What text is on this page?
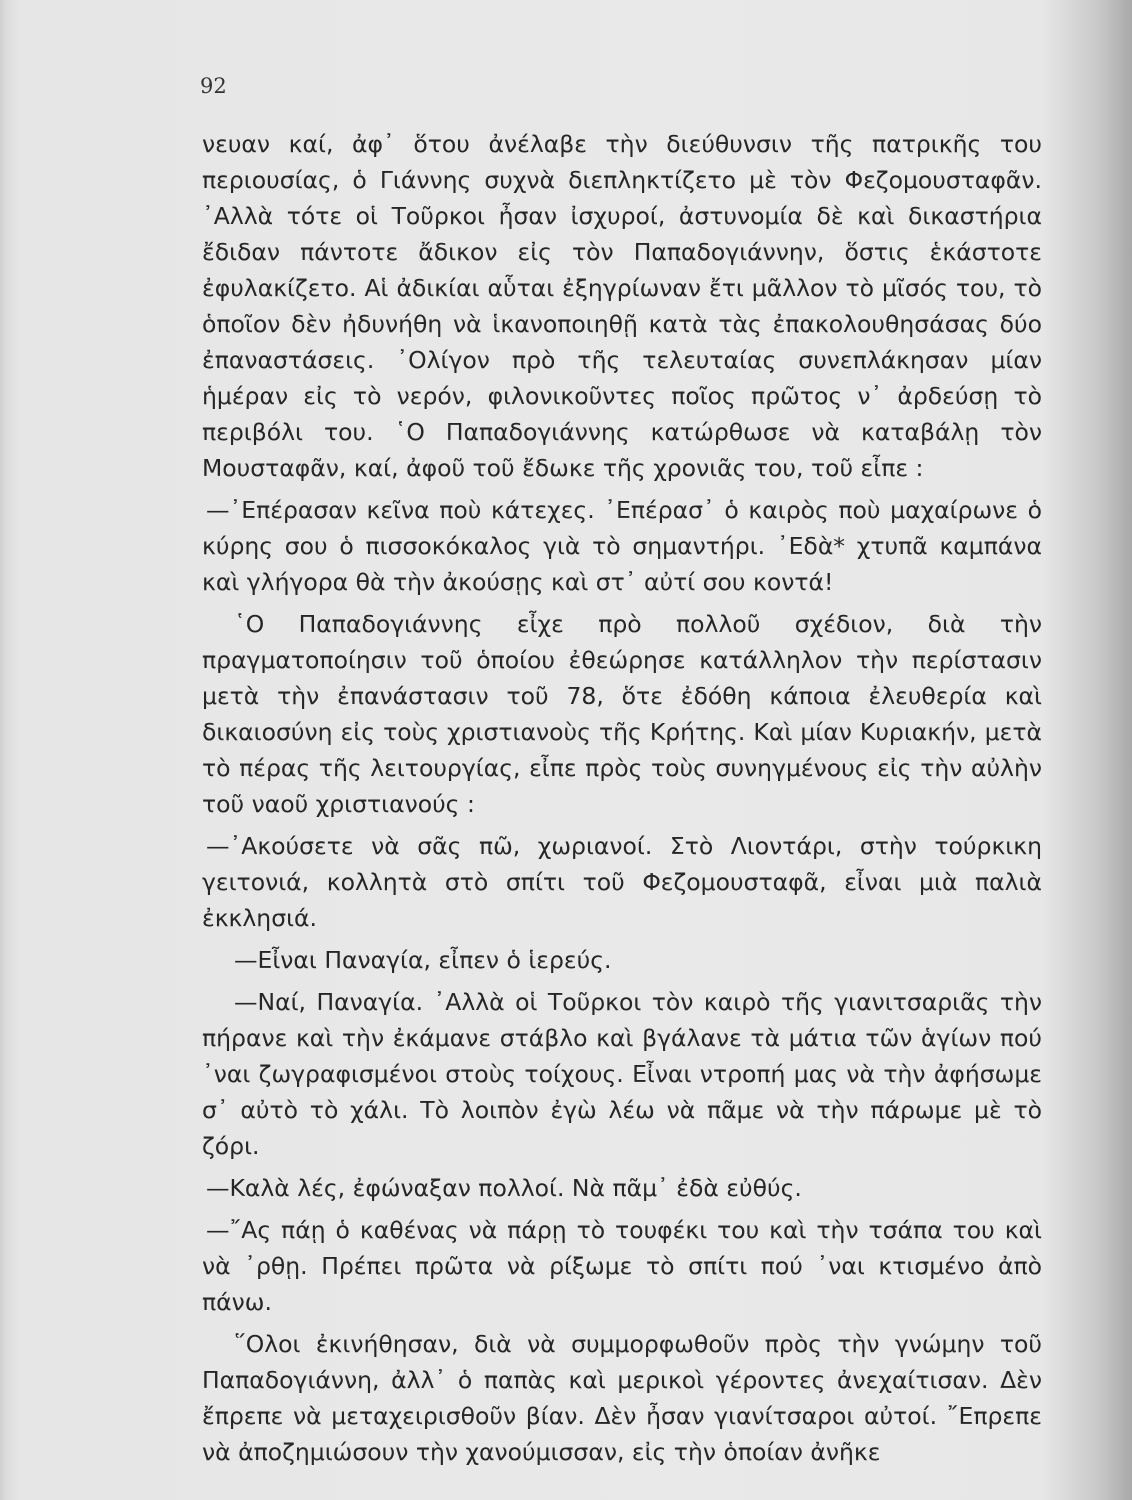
92

νευαν καί, ἀφ᾿ ὅτου ἀνέλαβε τὴν διεύθυνσιν τῆς πατρικῆς του περιουσίας, ὁ Γιάννης συχνὰ διεπληκτίζετο μὲ τὸν Φεζομουσταφᾶν. ᾿Αλλὰ τότε οἱ Τοῦρκοι ἦσαν ἰσχυροί, ἀστυνομία δὲ καὶ δικαστήρια ἔδιδαν πάντοτε ἄδικον εἰς τὸν Παπαδογιάννην, ὅστις ἑκάστοτε ἐφυλακίζετο. Αἱ ἀδικίαι αὗται ἐξηγρίωναν ἔτι μᾶλλον τὸ μῖσός του, τὸ ὁποῖον δὲν ἠδυνήθη νὰ ἱκανοποιηθῇ κατὰ τὰς ἐπακολουθησάσας δύο ἐπαναστάσεις. ᾿Ολίγον πρὸ τῆς τελευταίας συνεπλάκησαν μίαν ἡμέραν εἰς τὸ νερόν, φιλονικοῦντες ποῖος πρῶτος ν᾿ ἀρδεύσῃ τὸ περιβόλι του. ῾Ο Παπαδογιάννης κατώρθωσε νὰ καταβάλῃ τὸν Μουσταφᾶν, καί, ἀφοῦ τοῦ ἔδωκε τῆς χρονιᾶς του, τοῦ εἶπε :

—᾿Επέρασαν κεῖνα ποὺ κάτεχες. ᾿Επέρασ᾿ ὁ καιρὸς ποὺ μαχαίρωνε ὁ κύρης σου ὁ πισσοκόκαλος γιὰ τὸ σημαντήρι. ᾿Εδὰ* χτυπᾶ καμπάνα καὶ γλήγορα θὰ τὴν ἀκούσῃς καὶ στ᾿ αὐτί σου κοντά!

῾Ο Παπαδογιάννης εἶχε πρὸ πολλοῦ σχέδιον, διὰ τὴν πραγματοποίησιν τοῦ ὁποίου ἐθεώρησε κατάλληλον τὴν περίστασιν μετὰ τὴν ἐπανάστασιν τοῦ 78, ὅτε ἐδόθη κάποια ἐλευθερία καὶ δικαιοσύνη εἰς τοὺς χριστιανοὺς τῆς Κρήτης. Καὶ μίαν Κυριακήν, μετὰ τὸ πέρας τῆς λειτουργίας, εἶπε πρὸς τοὺς συνηγμένους εἰς τὴν αὐλὴν τοῦ ναοῦ χριστιανούς :

—᾿Ακούσετε νὰ σᾶς πῶ, χωριανοί. Στὸ Λιοντάρι, στὴν τούρκικη γειτονιά, κολλητὰ στὸ σπίτι τοῦ Φεζομουσταφᾶ, εἶναι μιὰ παλιὰ ἐκκλησιά.

—Εἶναι Παναγία, εἶπεν ὁ ἱερεύς.

—Ναί, Παναγία. ᾿Αλλὰ οἱ Τοῦρκοι τὸν καιρὸ τῆς γιανιτσαριᾶς τὴν πήρανε καὶ τὴν ἐκάμανε στάβλο καὶ βγάλανε τὰ μάτια τῶν ἁγίων πού ᾿ναι ζωγραφισμένοι στοὺς τοίχους. Εἶναι ντροπή μας νὰ τὴν ἀφήσωμε σ᾿ αὐτὸ τὸ χάλι. Τὸ λοιπὸν ἐγὼ λέω νὰ πᾶμε νὰ τὴν πάρωμε μὲ τὸ ζόρι.

—Καλὰ λές, ἐφώναξαν πολλοί. Νὰ πᾶμ᾿ ἐδὰ εὐθύς.

—῎Ας πάῃ ὁ καθένας νὰ πάρῃ τὸ τουφέκι του καὶ τὴν τσάπα του καὶ νὰ ᾿ρθῃ. Πρέπει πρῶτα νὰ ρίξωμε τὸ σπίτι πού ᾿ναι κτισμένο ἀπὸ πάνω.

῞Ολοι ἐκινήθησαν, διὰ νὰ συμμορφωθοῦν πρὸς τὴν γνώμην τοῦ Παπαδογιάννη, ἀλλ᾿ ὁ παπὰς καὶ μερικοὶ γέροντες ἀνεχαίτισαν. Δὲν ἔπρεπε νὰ μεταχειρισθοῦν βίαν. Δὲν ἦσαν γιανίτσαροι αὐτοί. ῎Επρεπε νὰ ἀποζημιώσουν τὴν χανούμισσαν, εἰς τὴν ὁποίαν ἀνῆκε
